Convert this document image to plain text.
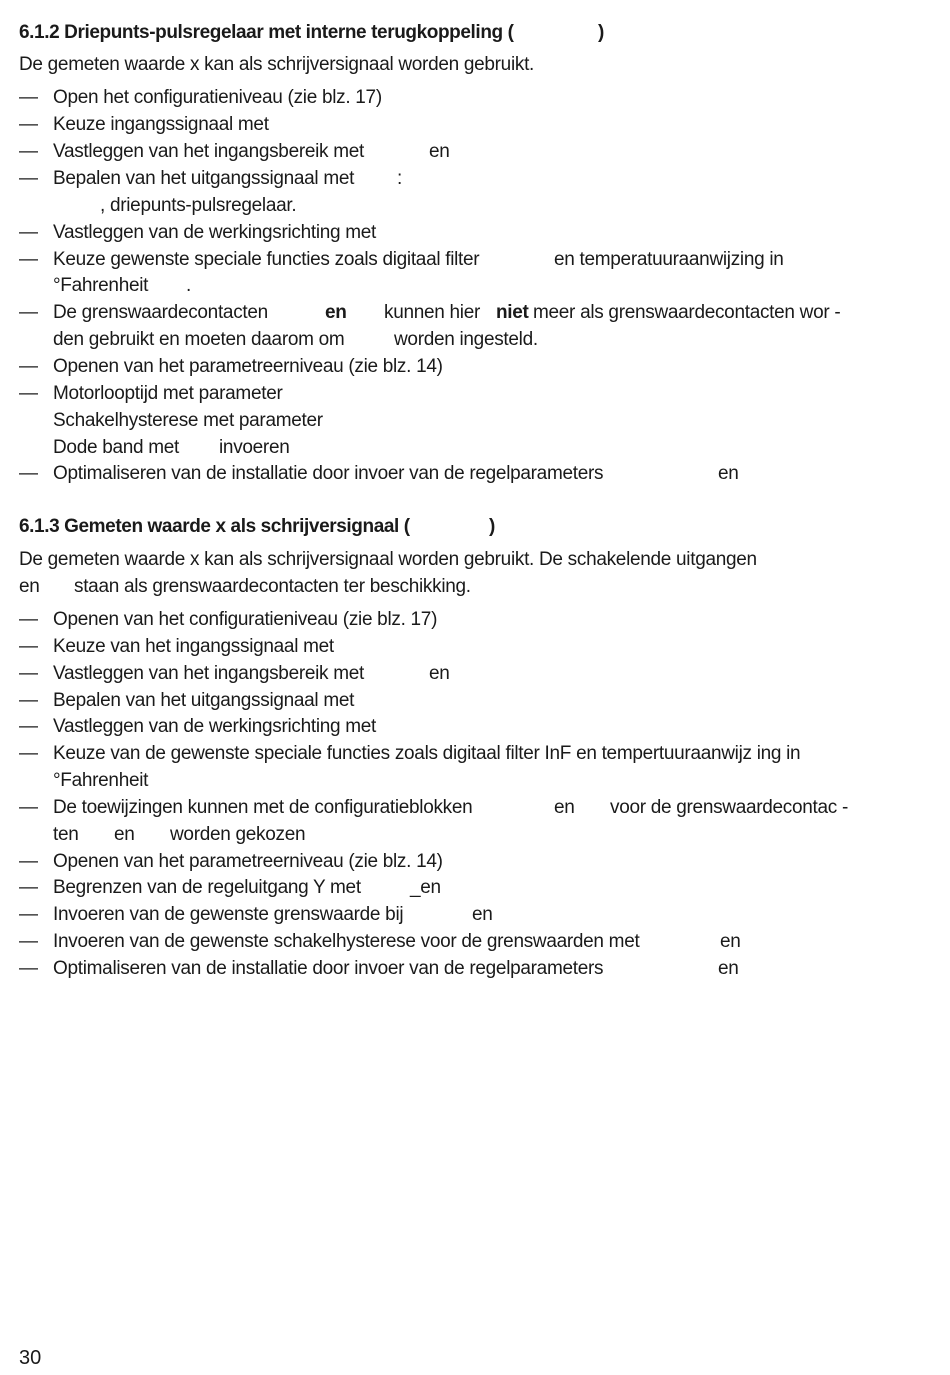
6.1.2 Driepunts-pulsregelaar met interne terugkoppeling (	)
De gemeten waarde x kan als schrijversignaal worden gebruikt.
— Open het configuratieniveau (zie blz. 17)
— Keuze ingangssignaal met
— Vastleggen van het ingangsbereik met	en
— Bepalen van het uitgangssignaal met :
, driepunts-pulsregelaar.
— Vastleggen van de werkingsrichting met
— Keuze gewenste speciale functies zoals digitaal filter	en temperatuuraanwijzing in
°Fahrenheit .
— De grenswaardecontacten	en kunnen hier niet meer als grenswaardecontacten wor -
den gebruikt en moeten daarom om	worden ingesteld.
— Openen van het parametreerniveau (zie blz. 14)
— Motorlooptijd met parameter
Schakelhysterese met parameter
Dode band met invoeren
— Optimaliseren van de installatie door invoer van de regelparameters	en
6.1.3 Gemeten waarde x als schrijversignaal (	)
De gemeten waarde x kan als schrijversignaal worden gebruikt. De schakelende uitgangen
en staan als grenswaardecontacten ter beschikking.
— Openen van het configuratieniveau (zie blz. 17)
— Keuze van het ingangssignaal met
— Vastleggen van het ingangsbereik met	en
— Bepalen van het uitgangssignaal met
— Vastleggen van de werkingsrichting met
— Keuze van de gewenste speciale functies zoals digitaal filter InF en tempertuuraanwijz ing in
°Fahrenheit
— De toewijzingen kunnen met de configuratieblokken	en voor de grenswaardecontac -
ten en worden gekozen
— Openen van het parametreerniveau (zie blz. 14)
— Begrenzen van de regeluitgang Y met	_en
— Invoeren van de gewenste grenswaarde bij	en
— Invoeren van de gewenste schakelhysterese voor de grenswaarden met	en
— Optimaliseren van de installatie door invoer van de regelparameters	en
30
